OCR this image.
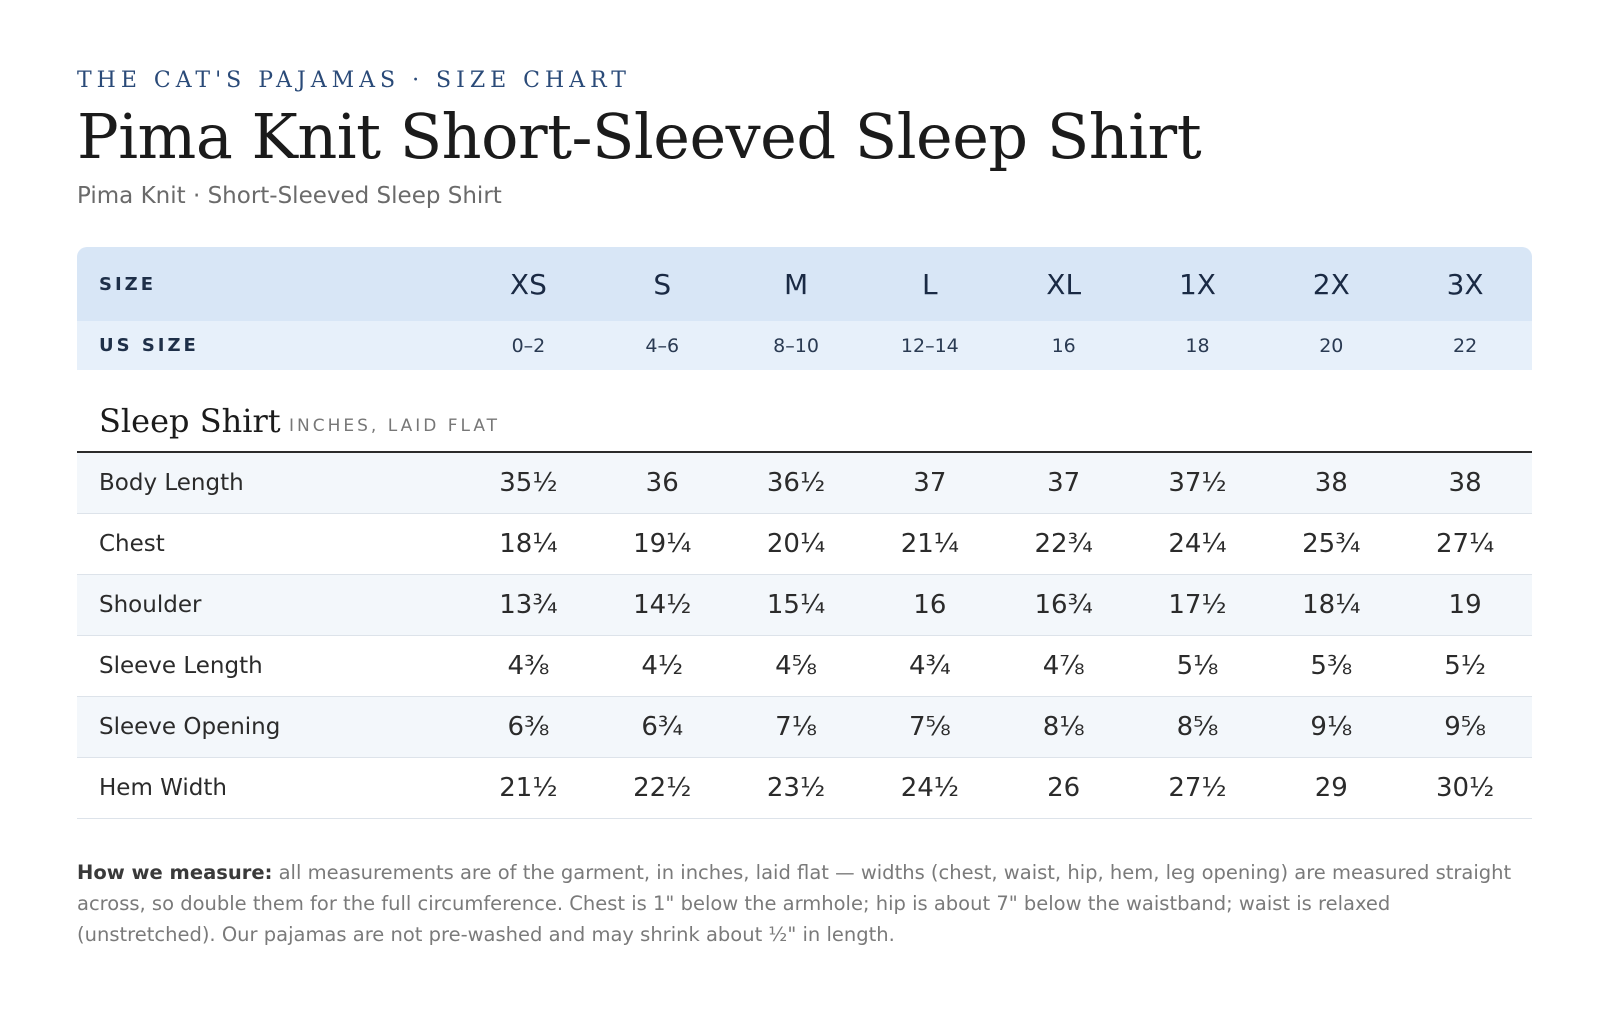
THE CAT'S PAJAMAS · SIZE CHART
Pima Knit Short-Sleeved Sleep Shirt
Pima Knit · Short-Sleeved Sleep Shirt
SIZE	XS	S	M	L	XL	1X	2X	3X
US SIZE	0–2	4–6	8–10	12–14	16	18	20	22
Sleep Shirt INCHES, LAID FLAT
Body Length	35½	36	36½	37	37	37½	38	38
Chest	18¼	19¼	20¼	21¼	22¾	24¼	25¾	27¼
Shoulder	13¾	14½	15¼	16	16¾	17½	18¼	19
Sleeve Length	4⅜	4½	4⅝	4¾	4⅞	5⅛	5⅜	5½
Sleeve Opening	6⅜	6¾	7⅛	7⅝	8⅛	8⅝	9⅛	9⅝
Hem Width	21½	22½	23½	24½	26	27½	29	30½
How we measure: all measurements are of the garment, in inches, laid flat — widths (chest, waist, hip, hem, leg opening) are measured straight across, so double them for the full circumference. Chest is 1" below the armhole; hip is about 7" below the waistband; waist is relaxed (unstretched). Our pajamas are not pre-washed and may shrink about ½" in length.
